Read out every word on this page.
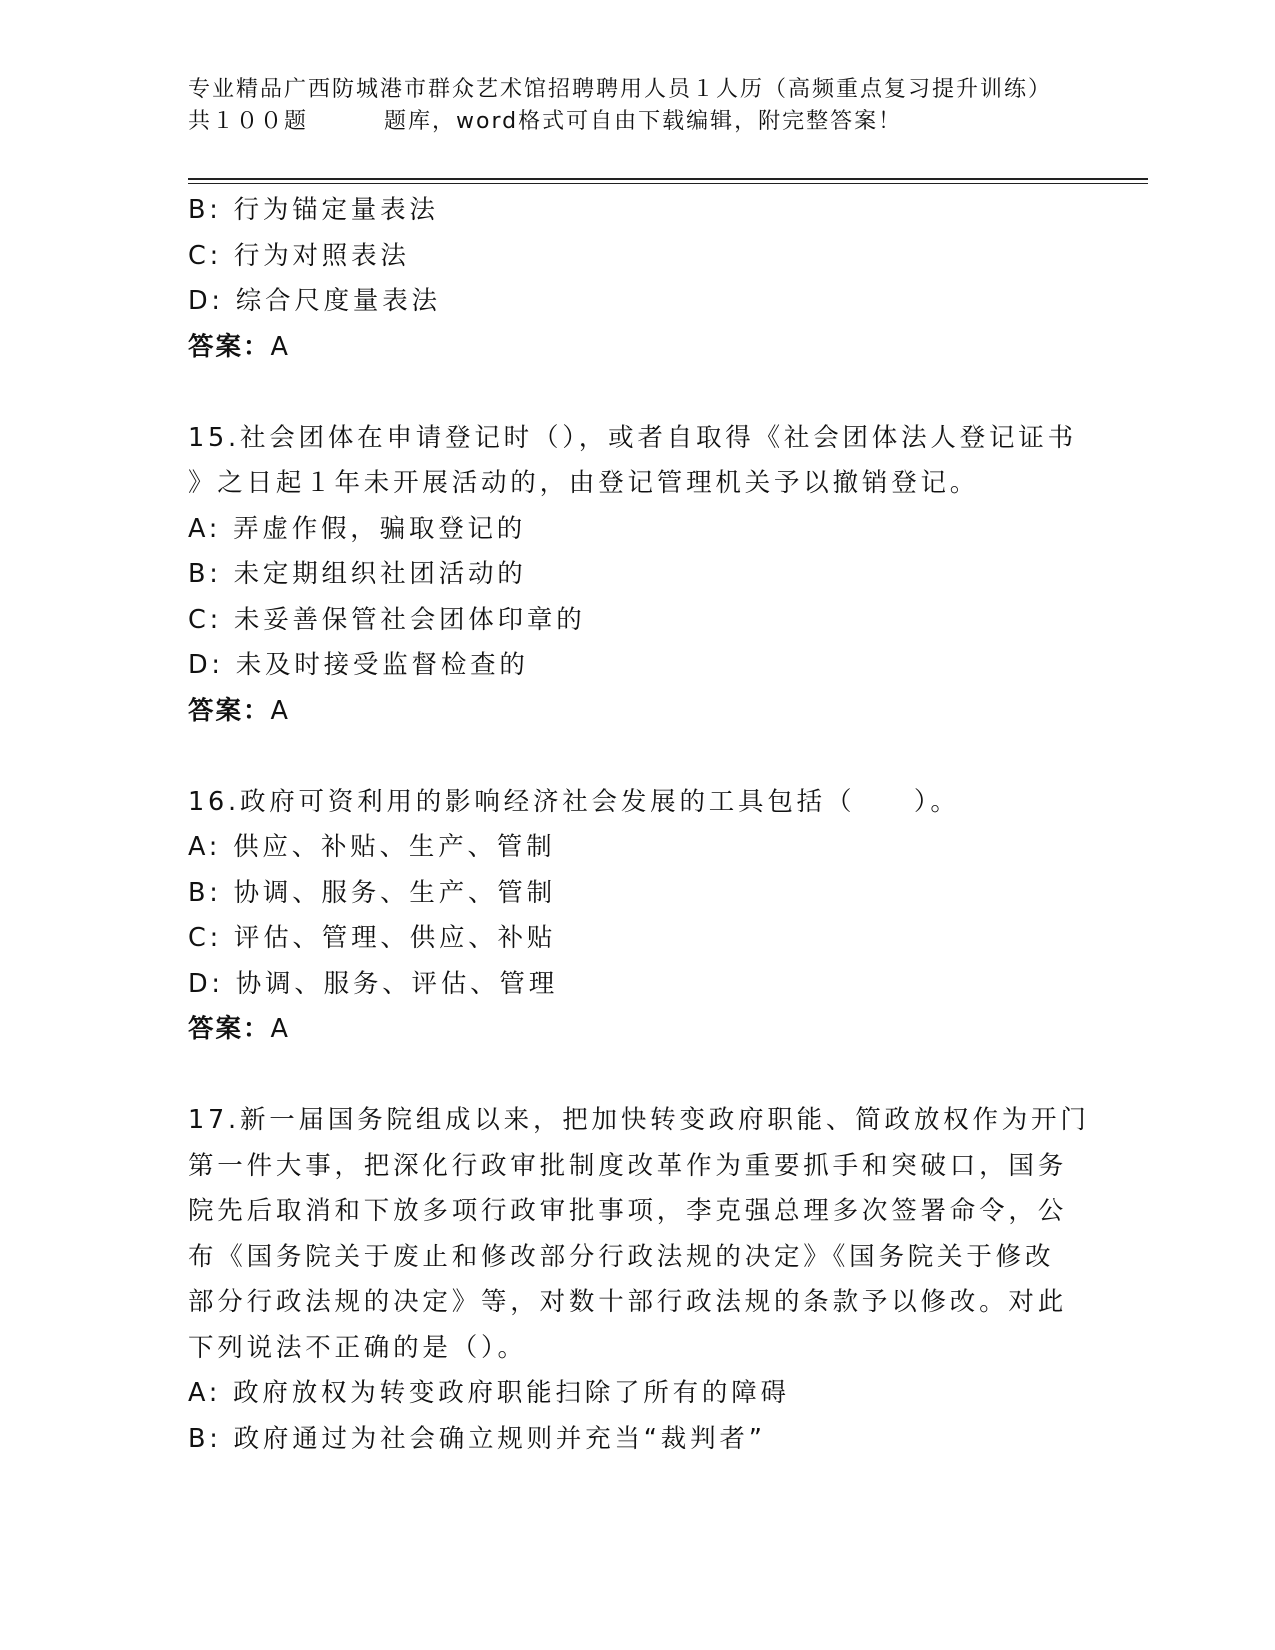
专业精品广西防城港市群众艺术馆招聘聘用人员１人历（高频重点复习提升训练）
共１００题	题库，word格式可自由下载编辑，附完整答案！
B: 行为锚定量表法
C: 行为对照表法
D: 综合尺度量表法
答案：A
15.社会团体在申请登记时（），或者自取得《社会团体法人登记证书
》之日起１年未开展活动的，由登记管理机关予以撤销登记。
A: 弄虚作假，骗取登记的
B: 未定期组织社团活动的
C: 未妥善保管社会团体印章的
D: 未及时接受监督检查的
答案：A
16.政府可资利用的影响经济社会发展的工具包括（　　）。
A: 供应、补贴、生产、管制
B: 协调、服务、生产、管制
C: 评估、管理、供应、补贴
D: 协调、服务、评估、管理
答案：A
17.新一届国务院组成以来，把加快转变政府职能、简政放权作为开门
第一件大事，把深化行政审批制度改革作为重要抓手和突破口，国务
院先后取消和下放多项行政审批事项，李克强总理多次签署命令，公
布《国务院关于废止和修改部分行政法规的决定》《国务院关于修改
部分行政法规的决定》等，对数十部行政法规的条款予以修改。对此
下列说法不正确的是（）。
A: 政府放权为转变政府职能扫除了所有的障碍
B: 政府通过为社会确立规则并充当“裁判者”
